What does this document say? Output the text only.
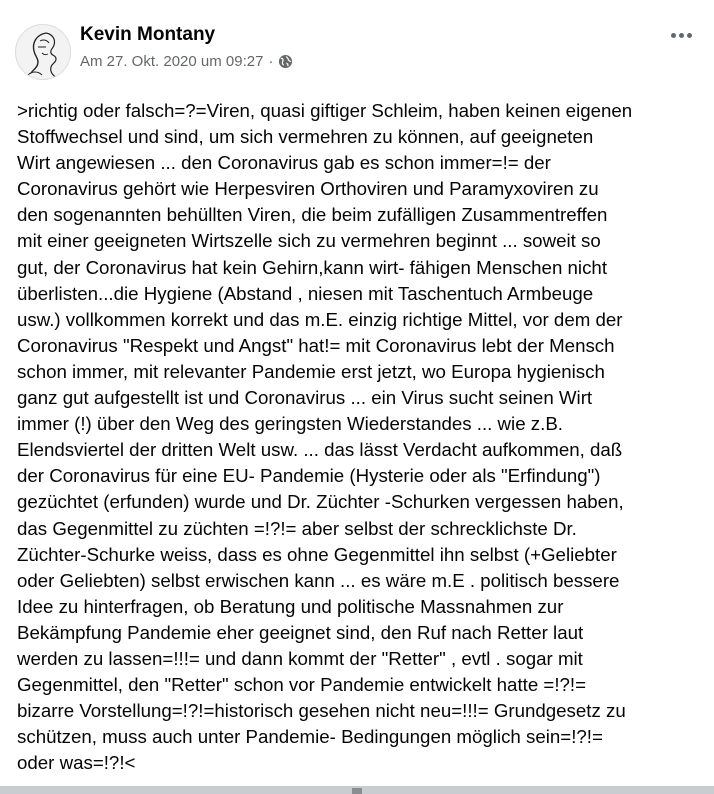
Kevin Montany
Am 27. Okt. 2020 um 09:27 ·
>richtig oder falsch=?=Viren, quasi giftiger Schleim, haben keinen eigenen
Stoffwechsel und sind, um sich vermehren zu können, auf geeigneten
Wirt angewiesen ... den Coronavirus gab es schon immer=!= der
Coronavirus gehört wie Herpesviren Orthoviren und Paramyxoviren zu
den sogenannten behüllten Viren, die beim zufälligen Zusammentreffen
mit einer geeigneten Wirtszelle sich zu vermehren beginnt ... soweit so
gut, der Coronavirus hat kein Gehirn,kann wirt- fähigen Menschen nicht
überlisten...die Hygiene (Abstand , niesen mit Taschentuch Armbeuge
usw.) vollkommen korrekt und das m.E. einzig richtige Mittel, vor dem der
Coronavirus "Respekt und Angst" hat!= mit Coronavirus lebt der Mensch
schon immer, mit relevanter Pandemie erst jetzt, wo Europa hygienisch
ganz gut aufgestellt ist und Coronavirus ... ein Virus sucht seinen Wirt
immer (!) über den Weg des geringsten Wiederstandes ... wie z.B.
Elendsviertel der dritten Welt usw. ... das lässt Verdacht aufkommen, daß
der Coronavirus für eine EU- Pandemie (Hysterie oder als "Erfindung")
gezüchtet (erfunden) wurde und Dr. Züchter -Schurken vergessen haben,
das Gegenmittel zu züchten =!?!= aber selbst der schrecklichste Dr.
Züchter-Schurke weiss, dass es ohne Gegenmittel ihn selbst (+Geliebter
oder Geliebten) selbst erwischen kann ... es wäre m.E . politisch bessere
Idee zu hinterfragen, ob Beratung und politische Massnahmen zur
Bekämpfung Pandemie eher geeignet sind, den Ruf nach Retter laut
werden zu lassen=!!!= und dann kommt der "Retter" , evtl . sogar mit
Gegenmittel, den "Retter" schon vor Pandemie entwickelt hatte =!?!=
bizarre Vorstellung=!?!=historisch gesehen nicht neu=!!!= Grundgesetz zu
schützen, muss auch unter Pandemie- Bedingungen möglich sein=!?!=
oder was=!?!<
